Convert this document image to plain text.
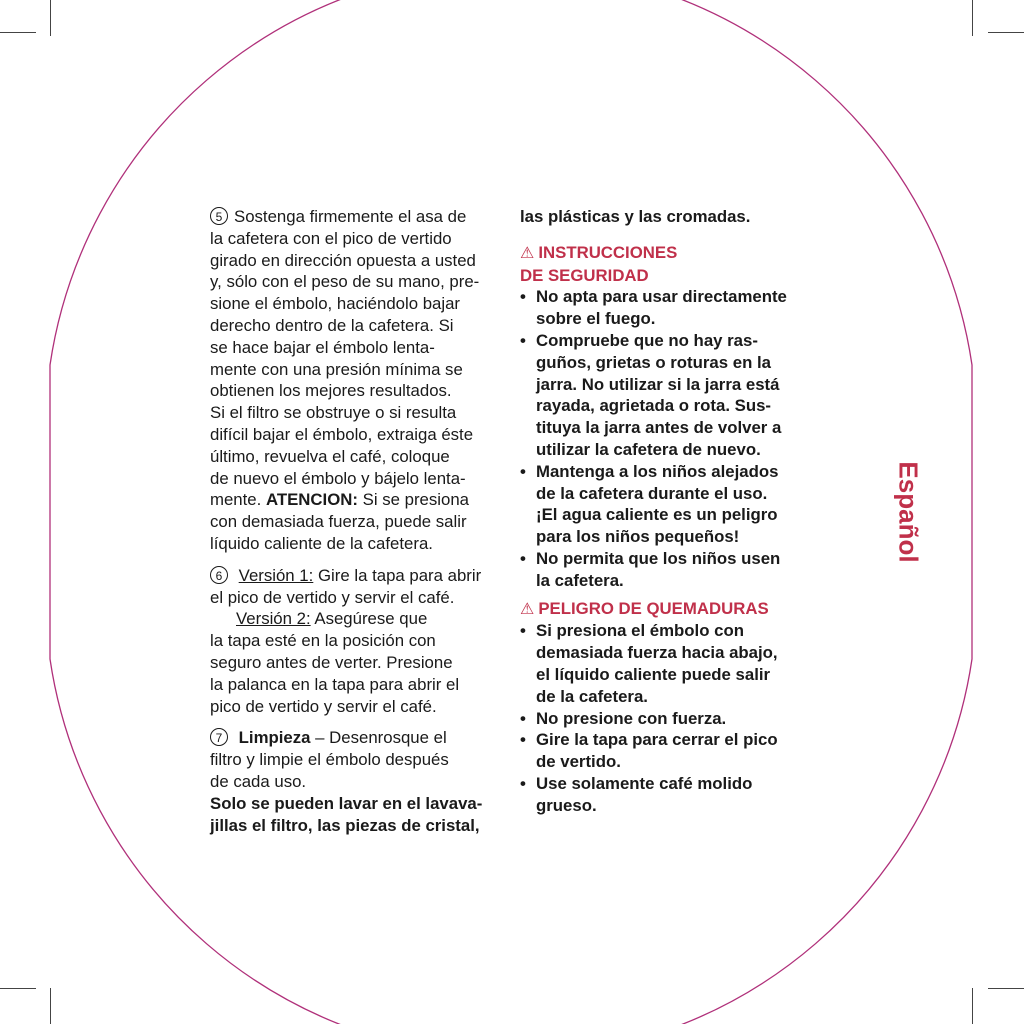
5 Sostenga firmemente el asa de
la cafetera con el pico de vertido
girado en dirección opuesta a usted
y, sólo con el peso de su mano, pre-
sione el émbolo, haciéndolo bajar
derecho dentro de la cafetera. Si
se hace bajar el émbolo lenta-
mente con una presión mínima se
obtienen los mejores resultados.
Si el filtro se obstruye o si resulta
difícil bajar el émbolo, extraiga éste
último, revuelva el café, coloque
de nuevo el émbolo y bájelo lenta-
mente. ATENCION: Si se presiona
con demasiada fuerza, puede salir
líquido caliente de la cafetera.
6 Versión 1: Gire la tapa para abrir
el pico de vertido y servir el café.
Versión 2: Asegúrese que
la tapa esté en la posición con
seguro antes de verter. Presione
la palanca en la tapa para abrir el
pico de vertido y servir el café.
7 Limpieza – Desenrosque el
filtro y limpie el émbolo después
de cada uso.
Solo se pueden lavar en el lavava-
jillas el filtro, las piezas de cristal,
las plásticas y las cromadas.
⚠ INSTRUCCIONES
DE SEGURIDAD
• No apta para usar directamente
sobre el fuego.
• Compruebe que no hay ras-
guños, grietas o roturas en la
jarra. No utilizar si la jarra está
rayada, agrietada o rota. Sus-
tituya la jarra antes de volver a
utilizar la cafetera de nuevo.
• Mantenga a los niños alejados
de la cafetera durante el uso.
¡El agua caliente es un peligro
para los niños pequeños!
• No permita que los niños usen
la cafetera.
⚠ PELIGRO DE QUEMADURAS
• Si presiona el émbolo con
demasiada fuerza hacia abajo,
el líquido caliente puede salir
de la cafetera.
• No presione con fuerza.
• Gire la tapa para cerrar el pico
de vertido.
• Use solamente café molido
grueso.
Español
